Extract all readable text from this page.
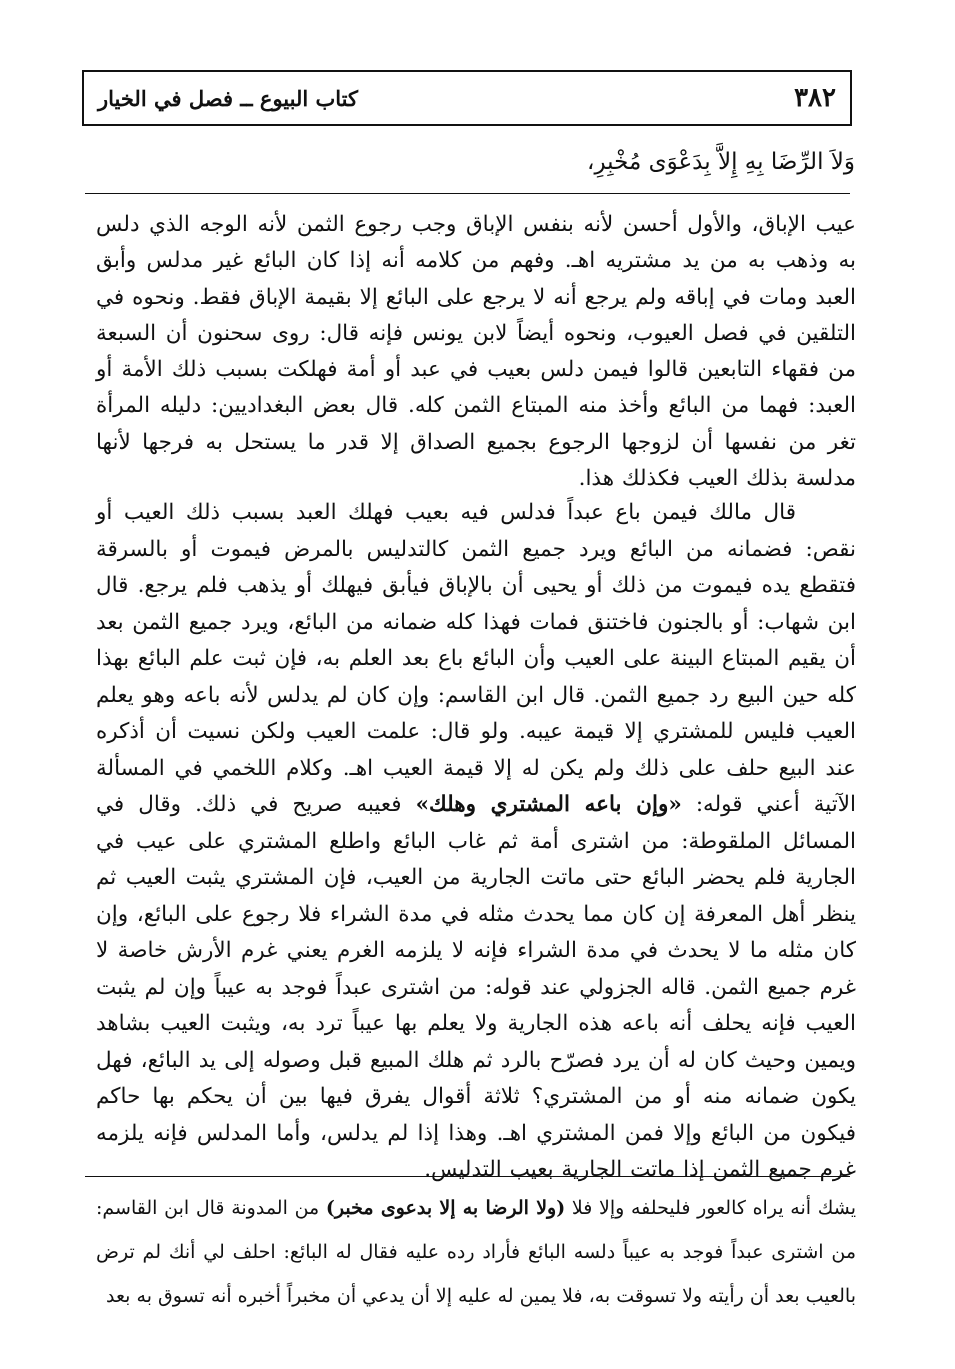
٣٨٢
كتاب البيوع ــ فصل في الخيار
وَلاَ الرِّضَا بِهِ إِلاَّ بِدَعْوَى مُخْبِرِ،

عيب الإباق، والأول أحسن لأنه بنفس الإباق وجب رجوع الثمن لأنه الوجه الذي دلس به وذهب به من يد مشتريه اهـ. وفهم من كلامه أنه إذا كان البائع غير مدلس وأبق العبد ومات في إباقه ولم يرجع أنه لا يرجع على البائع إلا بقيمة الإباق فقط. ونحوه في التلقين في فصل العيوب، ونحوه أيضاً لابن يونس فإنه قال: روى سحنون أن السبعة من فقهاء التابعين قالوا فيمن دلس بعيب في عبد أو أمة فهلكت بسبب ذلك الأمة أو العبد: فهما من البائع وأخذ منه المبتاع الثمن كله. قال بعض البغداديين: دليله المرأة تغر من نفسها أن لزوجها الرجوع بجميع الصداق إلا قدر ما يستحل به فرجها لأنها مدلسة بذلك العيب فكذلك هذا.

قال مالك فيمن باع عبداً فدلس فيه بعيب فهلك العبد بسبب ذلك العيب أو نقص: فضمانه من البائع ويرد جميع الثمن كالتدليس بالمرض فيموت أو بالسرقة فتقطع يده فيموت من ذلك أو يحيى أن بالإباق فيأبق فيهلك أو يذهب فلم يرجع. قال ابن شهاب: أو بالجنون فاختنق فمات فهذا كله ضمانه من البائع، ويرد جميع الثمن بعد أن يقيم المبتاع البينة على العيب وأن البائع باع بعد العلم به، فإن ثبت علم البائع بهذا كله حين البيع رد جميع الثمن. قال ابن القاسم: وإن كان لم يدلس لأنه باعه وهو يعلم العيب فليس للمشتري إلا قيمة عيبه. ولو قال: علمت العيب ولكن نسيت أن أذكره عند البيع حلف على ذلك ولم يكن له إلا قيمة العيب اهـ. وكلام اللخمي في المسألة الآتية أعني قوله: «وإن باعه المشتري وهلك» فعيبه صريح في ذلك. وقال في المسائل الملقوطة: من اشترى أمة ثم غاب البائع واطلع المشتري على عيب في الجارية فلم يحضر البائع حتى ماتت الجارية من العيب، فإن المشتري يثبت العيب ثم ينظر أهل المعرفة إن كان مما يحدث مثله في مدة الشراء فلا رجوع على البائع، وإن كان مثله ما لا يحدث في مدة الشراء فإنه لا يلزمه الغرم يعني غرم الأرش خاصة لا غرم جميع الثمن. قاله الجزولي عند قوله: من اشترى عبداً فوجد به عيباً وإن لم يثبت العيب فإنه يحلف أنه باعه هذه الجارية ولا يعلم بها عيباً ترد به، ويثبت العيب بشاهد ويمين وحيث كان له أن يرد فصرّح بالرد ثم هلك المبيع قبل وصوله إلى يد البائع، فهل يكون ضمانه منه أو من المشتري؟ ثلاثة أقوال يفرق فيها بين أن يحكم بها حاكم فيكون من البائع وإلا فمن المشتري اهـ. وهذا إذا لم يدلس، وأما المدلس فإنه يلزمه غرم جميع الثمن إذا ماتت الجارية بعيب التدليس.

يشك أنه يراه كالعور فليحلفه وإلا فلا (ولا الرضا به إلا بدعوى مخبر) من المدونة قال ابن القاسم: من اشترى عبداً فوجد به عيباً دلسه البائع فأراد رده عليه فقال له البائع: احلف لي أنك لم ترض بالعيب بعد أن رأيته ولا تسوقت به، فلا يمين له عليه إلا أن يدعي أن مخبراً أخبره أنه تسوق به بعد
